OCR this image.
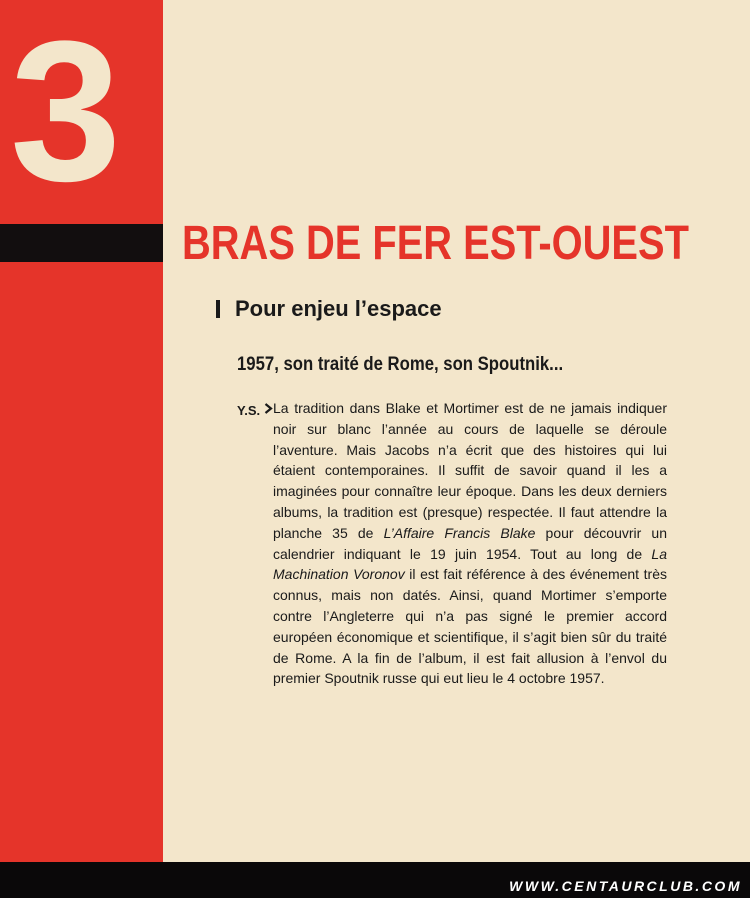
3
BRAS DE FER EST-OUEST
Pour enjeu l’espace
1957, son traité de Rome, son Spoutnik...
Y.S. La tradition dans Blake et Mortimer est de ne jamais indiquer noir sur blanc l’année au cours de laquelle se déroule l’aventure. Mais Jacobs n’a écrit que des histoires qui lui étaient contemporaines. Il suffit de savoir quand il les a imaginées pour connaître leur époque. Dans les deux derniers albums, la tradition est (presque) respectée. Il faut attendre la planche 35 de L’Affaire Francis Blake pour découvrir un calendrier indiquant le 19 juin 1954. Tout au long de La Machination Voronov il est fait référence à des événement très connus, mais non datés. Ainsi, quand Mortimer s’emporte contre l’Angleterre qui n’a pas signé le premier accord européen économique et scientifique, il s’agit bien sûr du traité de Rome. A la fin de l’album, il est fait allusion à l’envol du premier Spoutnik russe qui eut lieu le 4 octobre 1957.

WWW.CENTAURCLUB.COM
